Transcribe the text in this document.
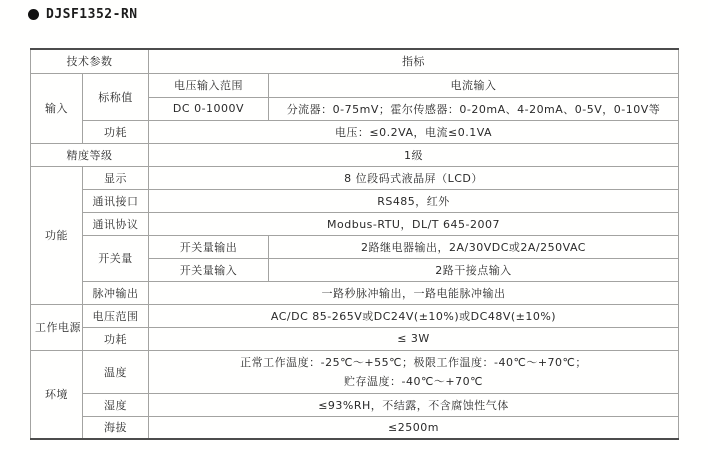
DJSF1352-RN
技术参数		指标	
输入	标称值	电压输入范围	电流输入
		DC 0-1000V	分流器：0-75mV；霍尔传感器：0-20mA、4-20mA、0-5V，0-10V等
	功耗	电压：≤0.2VA，电流≤0.1VA	
精度等级		1级	
功能	显示	8 位段码式液晶屏（LCD）	
	通讯接口	RS485，红外	
	通讯协议	Modbus-RTU，DL/T 645-2007	
	开关量	开关量输出	2路继电器输出，2A/30VDC或2A/250VAC
		开关量输入	2路干接点输入
	脉冲输出	一路秒脉冲输出，一路电能脉冲输出	
工作电源	电压范围	AC/DC 85-265V或DC24V(±10%)或DC48V(±10%)	
	功耗	≤ 3W	
环境	温度	正常工作温度：-25℃～+55℃；极限工作温度：-40℃～+70℃；
贮存温度：-40℃～+70℃	

	湿度	≤93%RH，不结露，不含腐蚀性气体	
	海拔	≤2500m	
